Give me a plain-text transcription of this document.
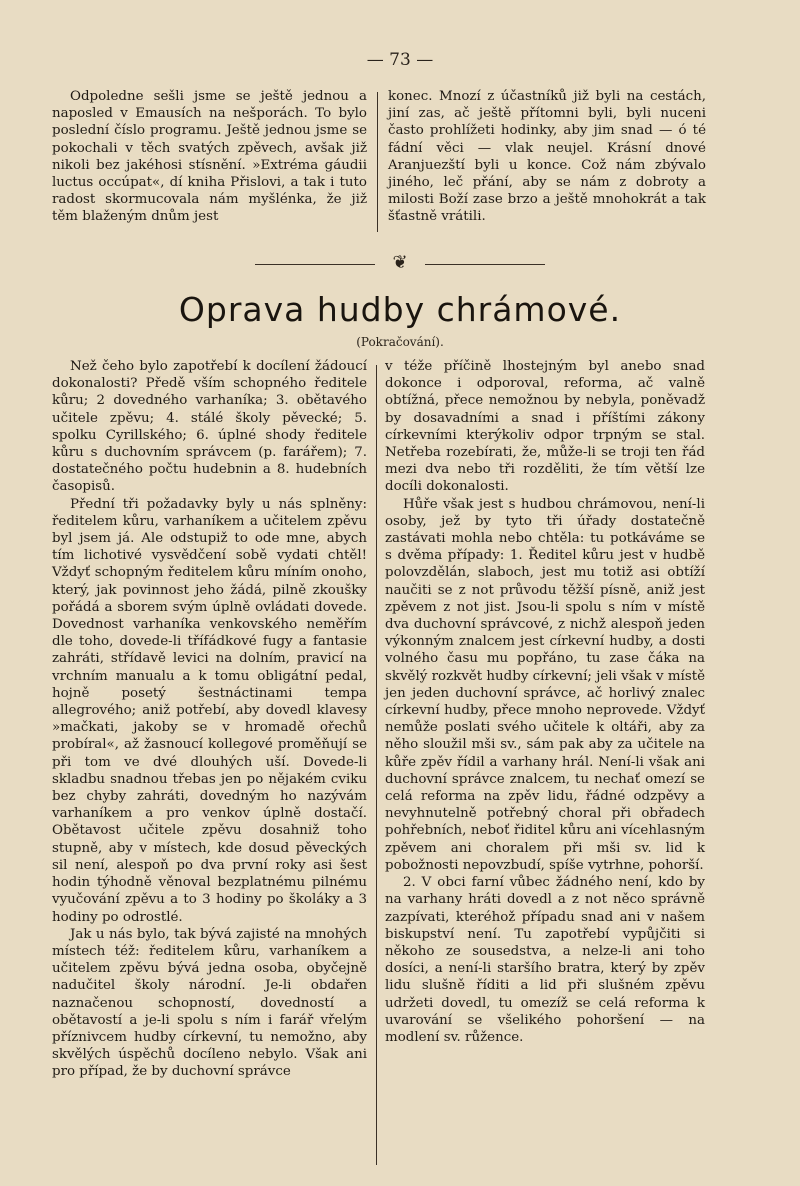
— 73 —

Odpoledne sešli jsme se ještě jednou a naposled v Emausích na nešporách. To bylo poslední číslo programu. Ještě jednou jsme se pokochali v těch svatých zpěvech, avšak již nikoli bez jakéhosi stísnění. »Extréma gáudii luctus occúpat«, dí kniha Přislovi, a tak i tuto radost skormucovala nám myšlénka, že již těm blaženým dnům jest

konec. Mnozí z účastníků již byli na cestách, jiní zas, ač ještě přítomni byli, byli nuceni často prohlížeti hodinky, aby jim snad — ó té fádní věci — vlak neujel. Krásní dnové Aranjuezští byli u konce. Což nám zbývalo jiného, leč přání, aby se nám z dobroty a milosti Boží zase brzo a ještě mnohokrát a tak šťastně vrátili.

❦
Oprava hudby chrámové.
(Pokračování).

Než čeho bylo zapotřebí k docílení žádoucí dokonalosti? Předě vším schopného ředitele kůru; 2 dovedného varhaníka; 3. obětavého učitele zpěvu; 4. stálé školy pěvecké; 5. spolku Cyrillského; 6. úplné shody ředitele kůru s duchovním správcem (p. farářem); 7. dostatečného počtu hudebnin a 8. hudebních časopisů.

Přední tři požadavky byly u nás splněny: ředitelem kůru, varhaníkem a učitelem zpěvu byl jsem já. Ale odstupiž to ode mne, abych tím lichotivé vysvědčení sobě vydati chtěl! Vždyť schopným ředitelem kůru míním onoho, který, jak povinnost jeho žádá, pilně zkoušky pořádá a sborem svým úplně ovládati dovede. Dovednost varhaníka venkovského neměřím dle toho, dovede-li třífádkové fugy a fantasie zahráti, střídavě levici na dolním, pravicí na vrchním manualu a k tomu obligátní pedal, hojně posetý šestnáctinami tempa allegrového; aniž potřebí, aby dovedl klavesy »mačkati, jakoby se v hromadě ořechů probíral«, až žasnoucí kollegové proměňují se při tom ve dvé dlouhých uší. Dovede-li skladbu snadnou třebas jen po nějakém cviku bez chyby zahráti, dovedným ho nazývám varhaníkem a pro venkov úplně dostačí. Obětavost učitele zpěvu dosahniž toho stupně, aby v místech, kde dosud pěveckých sil není, alespoň po dva první roky asi šest hodin týhodně věnoval bezplatnému pilnému vyučování zpěvu a to 3 hodiny po školáky a 3 hodiny po odrostlé.

Jak u nás bylo, tak bývá zajisté na mnohých místech též: ředitelem kůru, varhaníkem a učitelem zpěvu bývá jedna osoba, obyčejně nadučitel školy národní. Je-li obdařen naznačenou schopností, dovedností a obětavostí a je-li spolu s ním i farář vřelým příznivcem hudby církevní, tu nemožno, aby skvělých úspěchů docíleno nebylo. Však ani pro případ, že by duchovní správce

v téže příčině lhostejným byl anebo snad dokonce i odporoval, reforma, ač valně obtížná, přece nemožnou by nebyla, poněvadž by dosavadními a snad i příštími zákony církevními kterýkoliv odpor trpným se stal. Netřeba rozebírati, že, může-li se troji ten řád mezi dva nebo tři rozděliti, že tím větší lze docíli dokonalosti.

Hůře však jest s hudbou chrámovou, není-li osoby, jež by tyto tři úřady dostatečně zastávati mohla nebo chtěla: tu potkáváme se s dvěma případy: 1. Ředitel kůru jest v hudbě polovzdělán, slaboch, jest mu totiž asi obtíží naučiti se z not průvodu těžší písně, aniž jest zpěvem z not jist. Jsou-li spolu s ním v místě dva duchovní správcové, z nichž alespoň jeden výkonným znalcem jest církevní hudby, a dosti volného času mu popřáno, tu zase čáka na skvělý rozkvět hudby církevní; jeli však v místě jen jeden duchovní správce, ač horlivý znalec církevní hudby, přece mnoho neprovede. Vždyť nemůže poslati svého učitele k oltáři, aby za něho sloužil mši sv., sám pak aby za učitele na kůře zpěv řídil a varhany hrál. Není-li však ani duchovní správce znalcem, tu nechať omezí se celá reforma na zpěv lidu, řádné odzpěvy a nevyhnutelně potřebný choral při obřadech pohřebních, neboť řiditel kůru ani vícehlasným zpěvem ani choralem při mši sv. lid k pobožnosti nepovzbudí, spíše vytrhne, pohorší.

2. V obci farní vůbec žádného není, kdo by na varhany hráti dovedl a z not něco správně zazpívati, kteréhož případu snad ani v našem biskupství není. Tu zapotřebí vypůjčiti si někoho ze sousedstva, a nelze-li ani toho dosíci, a není-li staršího bratra, který by zpěv lidu slušně říditi a lid při slušném zpěvu udržeti dovedl, tu omezíž se celá reforma k uvarování se všelikého pohoršení — na modlení sv. růžence.
